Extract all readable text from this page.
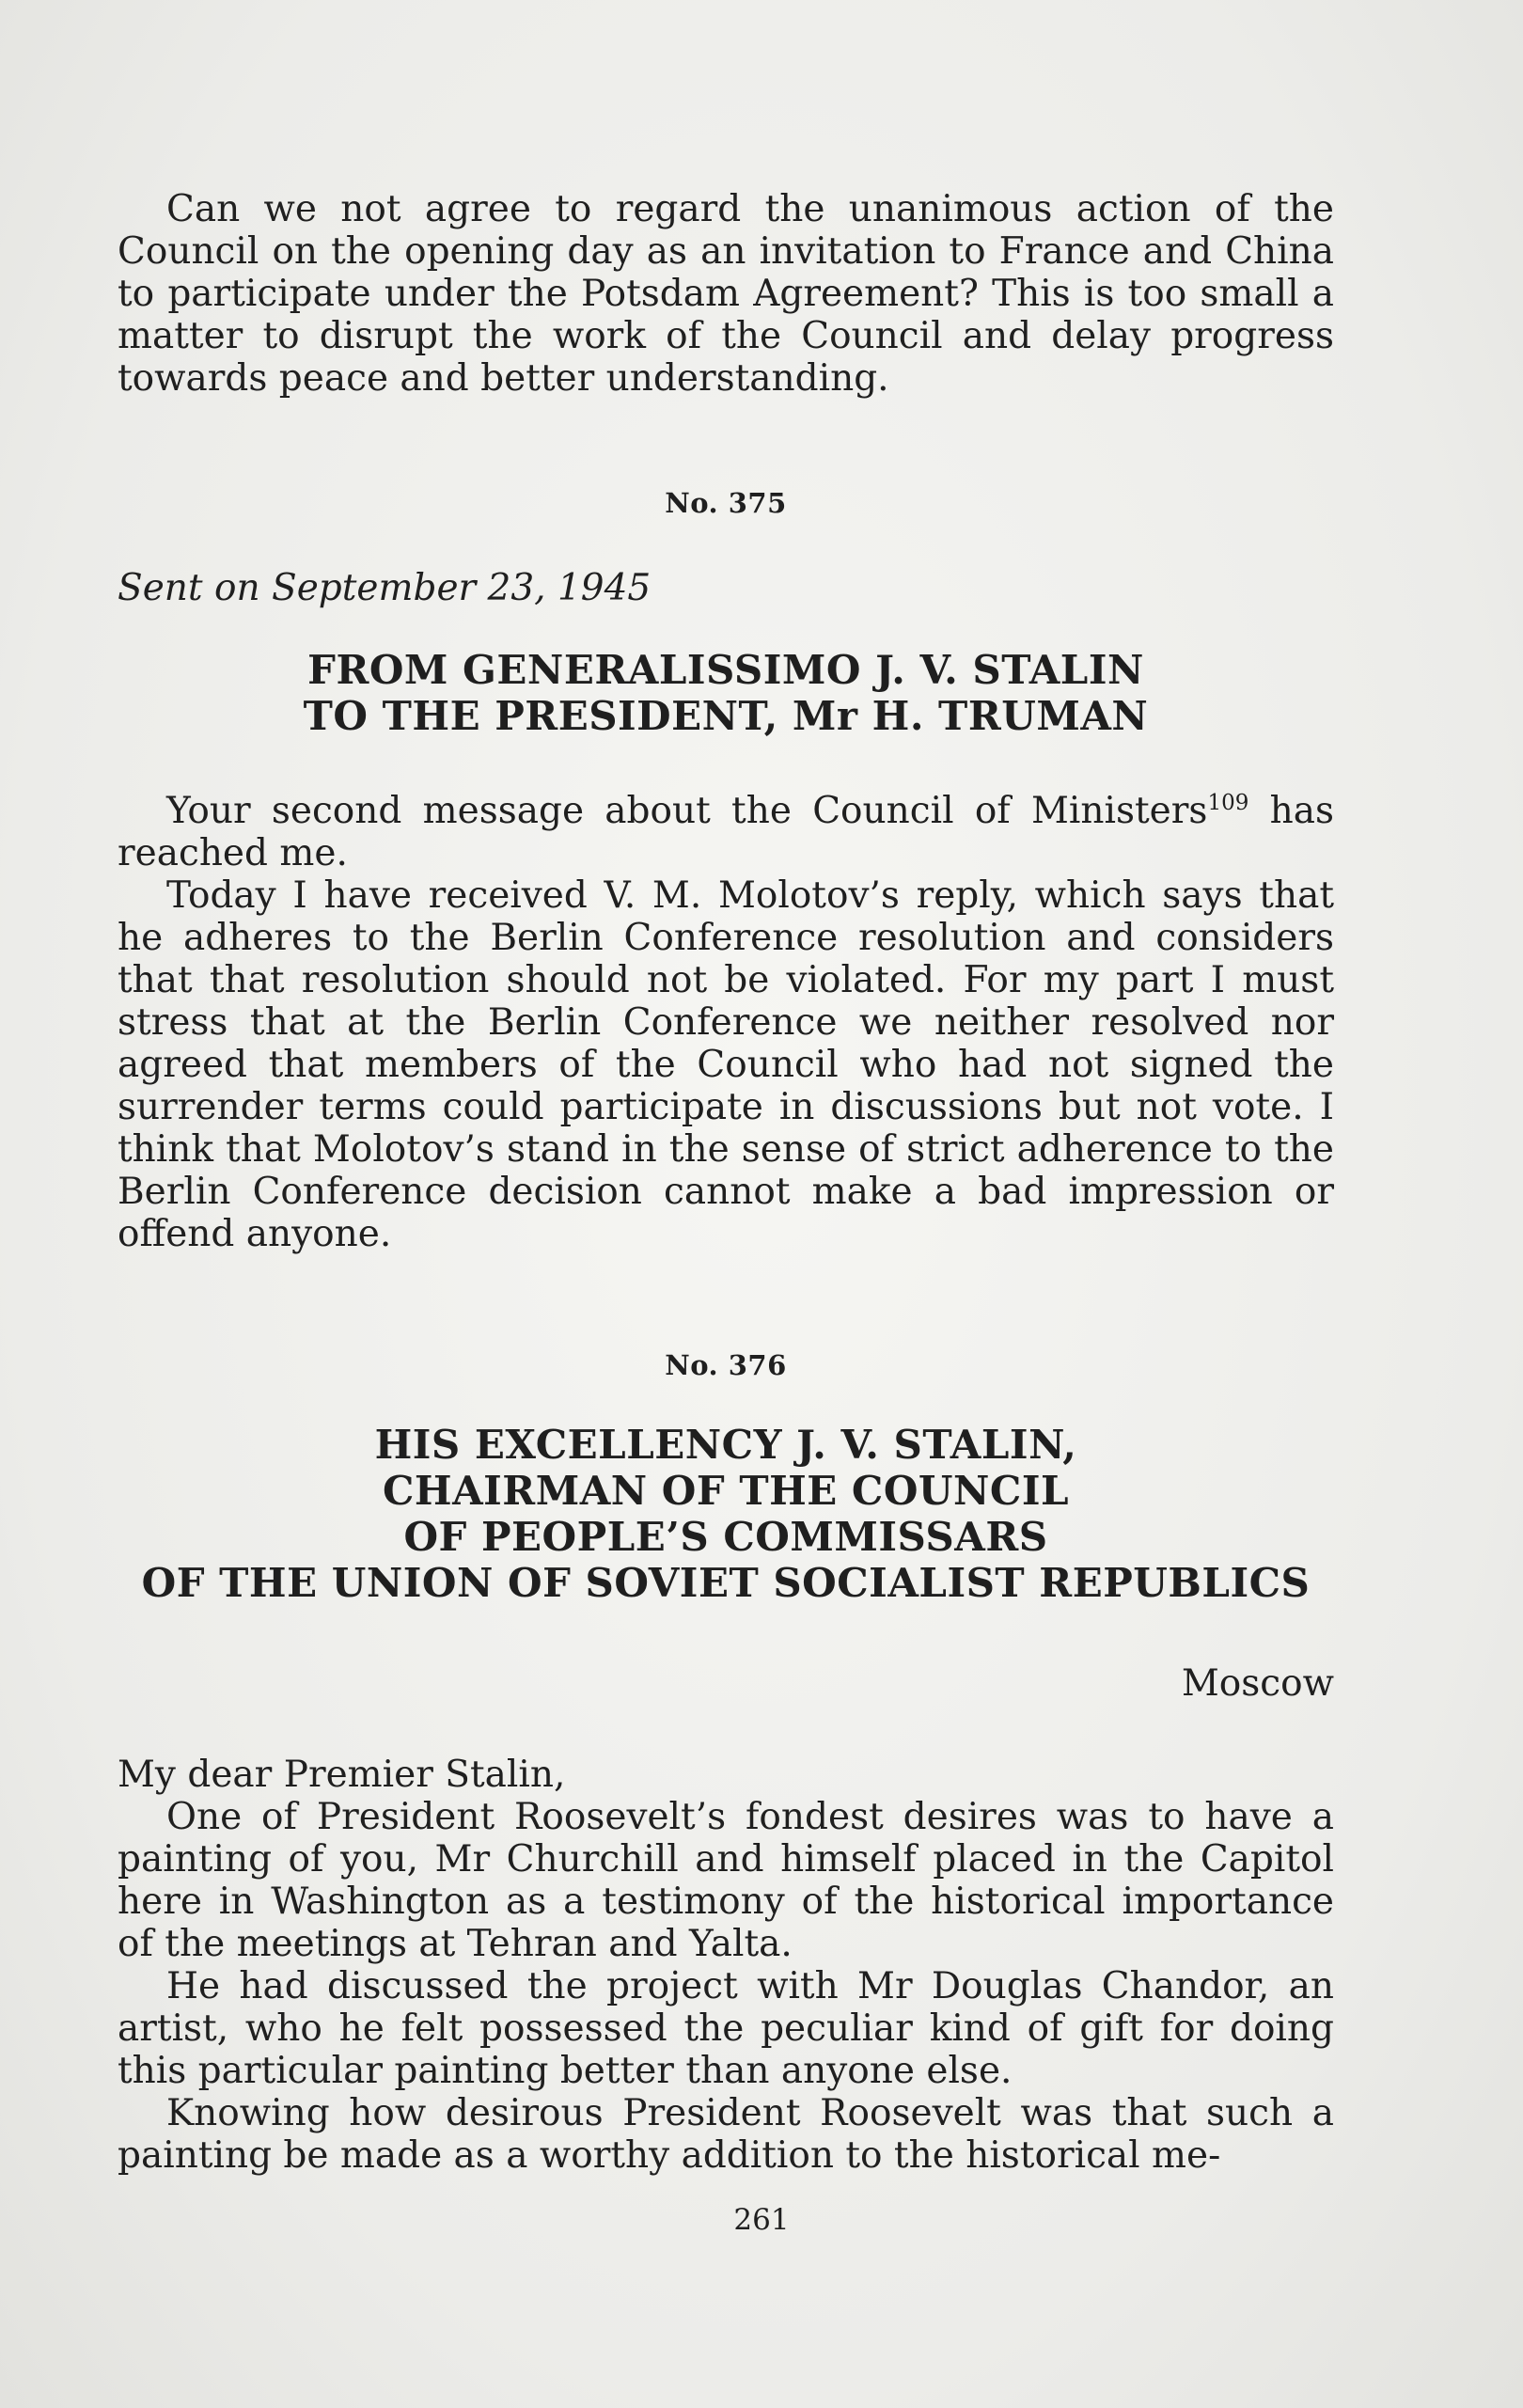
Can we not agree to regard the unanimous action of the Council on the opening day as an invitation to France and China to participate under the Potsdam Agreement? This is too small a matter to disrupt the work of the Council and delay progress towards peace and better understanding.

No. 375
Sent on September 23, 1945
FROM GENERALISSIMO J. V. STALIN
TO THE PRESIDENT, Mr H. TRUMAN

Your second message about the Council of Ministers$^{109}$ has reached me.

Today I have received V. M. Molotov’s reply, which says that he adheres to the Berlin Conference resolution and considers that that resolution should not be violated. For my part I must stress that at the Berlin Conference we neither resolved nor agreed that members of the Council who had not signed the surrender terms could participate in discussions but not vote. I think that Molotov’s stand in the sense of strict adherence to the Berlin Conference decision cannot make a bad impression or offend anyone.

No. 376
HIS EXCELLENCY J. V. STALIN,
CHAIRMAN OF THE COUNCIL
OF PEOPLE’S COMMISSARS
OF THE UNION OF SOVIET SOCIALIST REPUBLICS
Moscow

My dear Premier Stalin,

One of President Roosevelt’s fondest desires was to have a painting of you, Mr Churchill and himself placed in the Capitol here in Washington as a testimony of the historical importance of the meetings at Tehran and Yalta.

He had discussed the project with Mr Douglas Chandor, an artist, who he felt possessed the peculiar kind of gift for doing this particular painting better than anyone else.

Knowing how desirous President Roosevelt was that such a painting be made as a worthy addition to the historical me-

261
